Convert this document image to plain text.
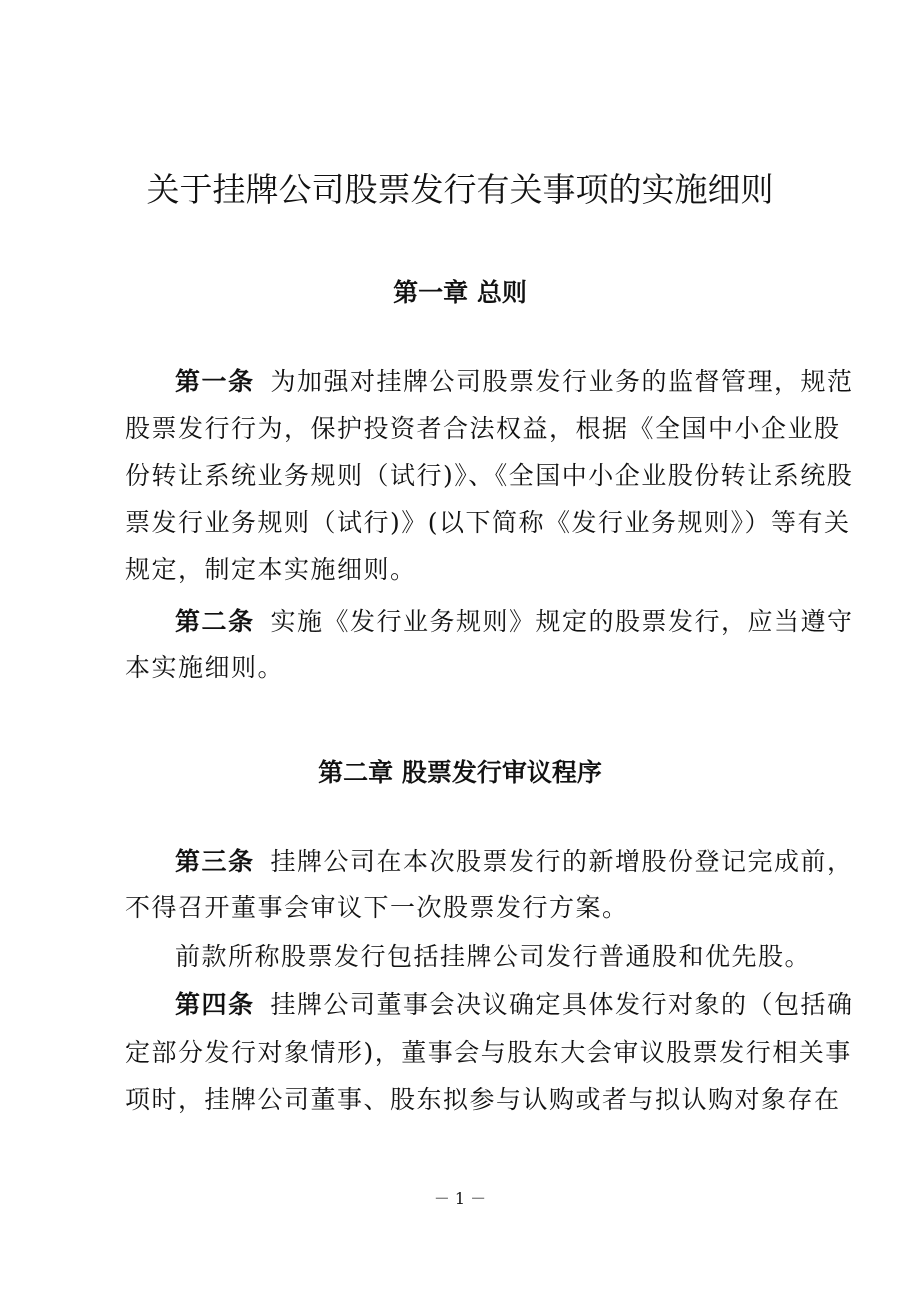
关于挂牌公司股票发行有关事项的实施细则
第一章 总则
第一条 为加强对挂牌公司股票发行业务的监督管理，规范
股票发行行为，保护投资者合法权益，根据《全国中小企业股
份转让系统业务规则（试行)》、《全国中小企业股份转让系统股
票发行业务规则（试行)》(以下简称《发行业务规则》）等有关
规定，制定本实施细则。
第二条 实施《发行业务规则》规定的股票发行，应当遵守
本实施细则。
第二章 股票发行审议程序
第三条 挂牌公司在本次股票发行的新增股份登记完成前，
不得召开董事会审议下一次股票发行方案。
前款所称股票发行包括挂牌公司发行普通股和优先股。
第四条 挂牌公司董事会决议确定具体发行对象的（包括确
定部分发行对象情形)，董事会与股东大会审议股票发行相关事
项时，挂牌公司董事、股东拟参与认购或者与拟认购对象存在
－ 1 －
